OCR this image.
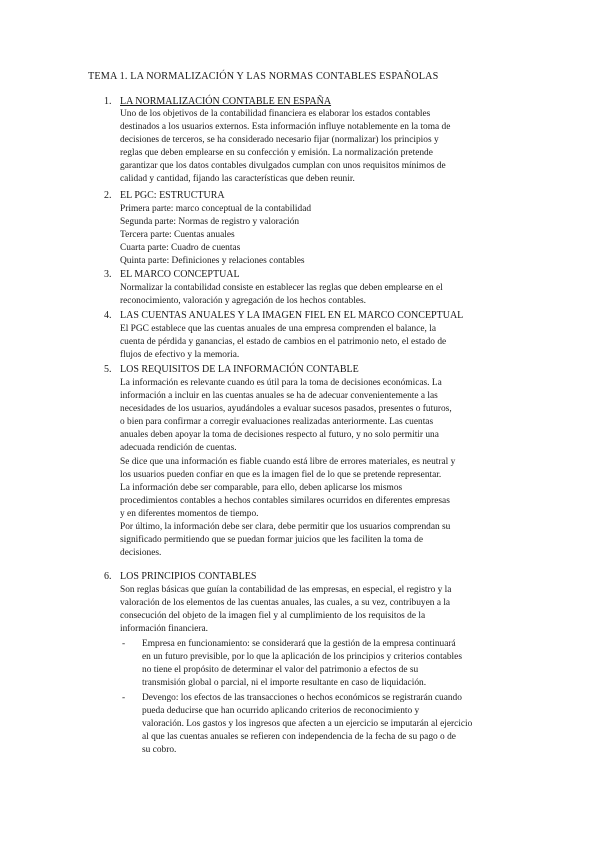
TEMA 1. LA NORMALIZACIÓN Y LAS NORMAS CONTABLES ESPAÑOLAS
1. LA NORMALIZACIÓN CONTABLE EN ESPAÑA
Uno de los objetivos de la contabilidad financiera es elaborar los estados contables
destinados a los usuarios externos. Esta información influye notablemente en la toma de
decisiones de terceros, se ha considerado necesario fijar (normalizar) los principios y
reglas que deben emplearse en su confección y emisión. La normalización pretende
garantizar que los datos contables divulgados cumplan con unos requisitos mínimos de
calidad y cantidad, fijando las características que deben reunir.
2. EL PGC: ESTRUCTURA
Primera parte: marco conceptual de la contabilidad
Segunda parte: Normas de registro y valoración
Tercera parte: Cuentas anuales
Cuarta parte: Cuadro de cuentas
Quinta parte: Definiciones y relaciones contables
3. EL MARCO CONCEPTUAL
Normalizar la contabilidad consiste en establecer las reglas que deben emplearse en el
reconocimiento, valoración y agregación de los hechos contables.
4. LAS CUENTAS ANUALES Y LA IMAGEN FIEL EN EL MARCO CONCEPTUAL
El PGC establece que las cuentas anuales de una empresa comprenden el balance, la
cuenta de pérdida y ganancias, el estado de cambios en el patrimonio neto, el estado de
flujos de efectivo y la memoria.
5. LOS REQUISITOS DE LA INFORMACIÓN CONTABLE
La información es relevante cuando es útil para la toma de decisiones económicas. La
información a incluir en las cuentas anuales se ha de adecuar convenientemente a las
necesidades de los usuarios, ayudándoles a evaluar sucesos pasados, presentes o futuros,
o bien para confirmar a corregir evaluaciones realizadas anteriormente. Las cuentas
anuales deben apoyar la toma de decisiones respecto al futuro, y no solo permitir una
adecuada rendición de cuentas.
Se dice que una información es fiable cuando está libre de errores materiales, es neutral y
los usuarios pueden confiar en que es la imagen fiel de lo que se pretende representar.
La información debe ser comparable, para ello, deben aplicarse los mismos
procedimientos contables a hechos contables similares ocurridos en diferentes empresas
y en diferentes momentos de tiempo.
Por último, la información debe ser clara, debe permitir que los usuarios comprendan su
significado permitiendo que se puedan formar juicios que les faciliten la toma de
decisiones.
6. LOS PRINCIPIOS CONTABLES
Son reglas básicas que guían la contabilidad de las empresas, en especial, el registro y la
valoración de los elementos de las cuentas anuales, las cuales, a su vez, contribuyen a la
consecución del objeto de la imagen fiel y al cumplimiento de los requisitos de la
información financiera.
- Empresa en funcionamiento: se considerará que la gestión de la empresa continuará
en un futuro previsible, por lo que la aplicación de los principios y criterios contables
no tiene el propósito de determinar el valor del patrimonio a efectos de su
transmisión global o parcial, ni el importe resultante en caso de liquidación.
- Devengo: los efectos de las transacciones o hechos económicos se registrarán cuando
pueda deducirse que han ocurrido aplicando criterios de reconocimiento y
valoración. Los gastos y los ingresos que afecten a un ejercicio se imputarán al ejercicio
al que las cuentas anuales se refieren con independencia de la fecha de su pago o de
su cobro.
